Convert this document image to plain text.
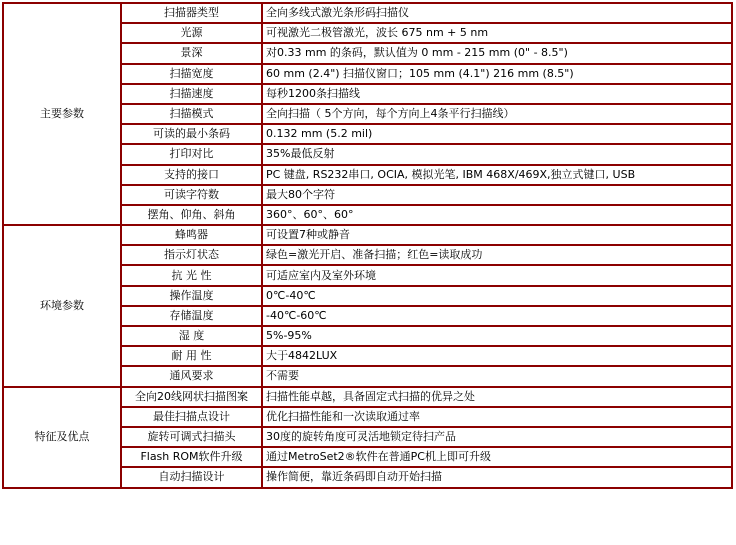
主要参数	扫描器类型	全向多线式激光条形码扫描仪
	光源	可视激光二极管激光，波长 675 nm + 5 nm
	景深	对0.33 mm 的条码，默认值为 0 mm - 215 mm (0" - 8.5")
	扫描宽度	60 mm (2.4") 扫描仪窗口；105 mm (4.1") 216 mm (8.5")
	扫描速度	每秒1200条扫描线
	扫描模式	全向扫描（ 5个方向，每个方向上4条平行扫描线）
	可读的最小条码	0.132 mm (5.2 mil)
	打印对比	35%最低反射
	支持的接口	PC 键盘, RS232串口, OCIA, 模拟光笔, IBM 468X/469X,独立式键口, USB
	可读字符数	最大80个字符
	摆角、仰角、斜角	360°、60°、60°
环境参数	蜂鸣器	可设置7种或静音
	指示灯状态	绿色=激光开启、准备扫描；红色=读取成功
	抗 光 性	可适应室内及室外环境
	操作温度	0℃-40℃
	存储温度	-40℃-60℃
	湿 度	5%-95%
	耐 用 性	大于4842LUX
	通风要求	不需要
特征及优点	全向20线网状扫描图案	扫描性能卓越，具备固定式扫描的优异之处
	最佳扫描点设计	优化扫描性能和一次读取通过率
	旋转可调式扫描头	30度的旋转角度可灵活地锁定待扫产品
	Flash ROM软件升级	通过MetroSet2®软件在普通PC机上即可升级
	自动扫描设计	操作简便，靠近条码即自动开始扫描
